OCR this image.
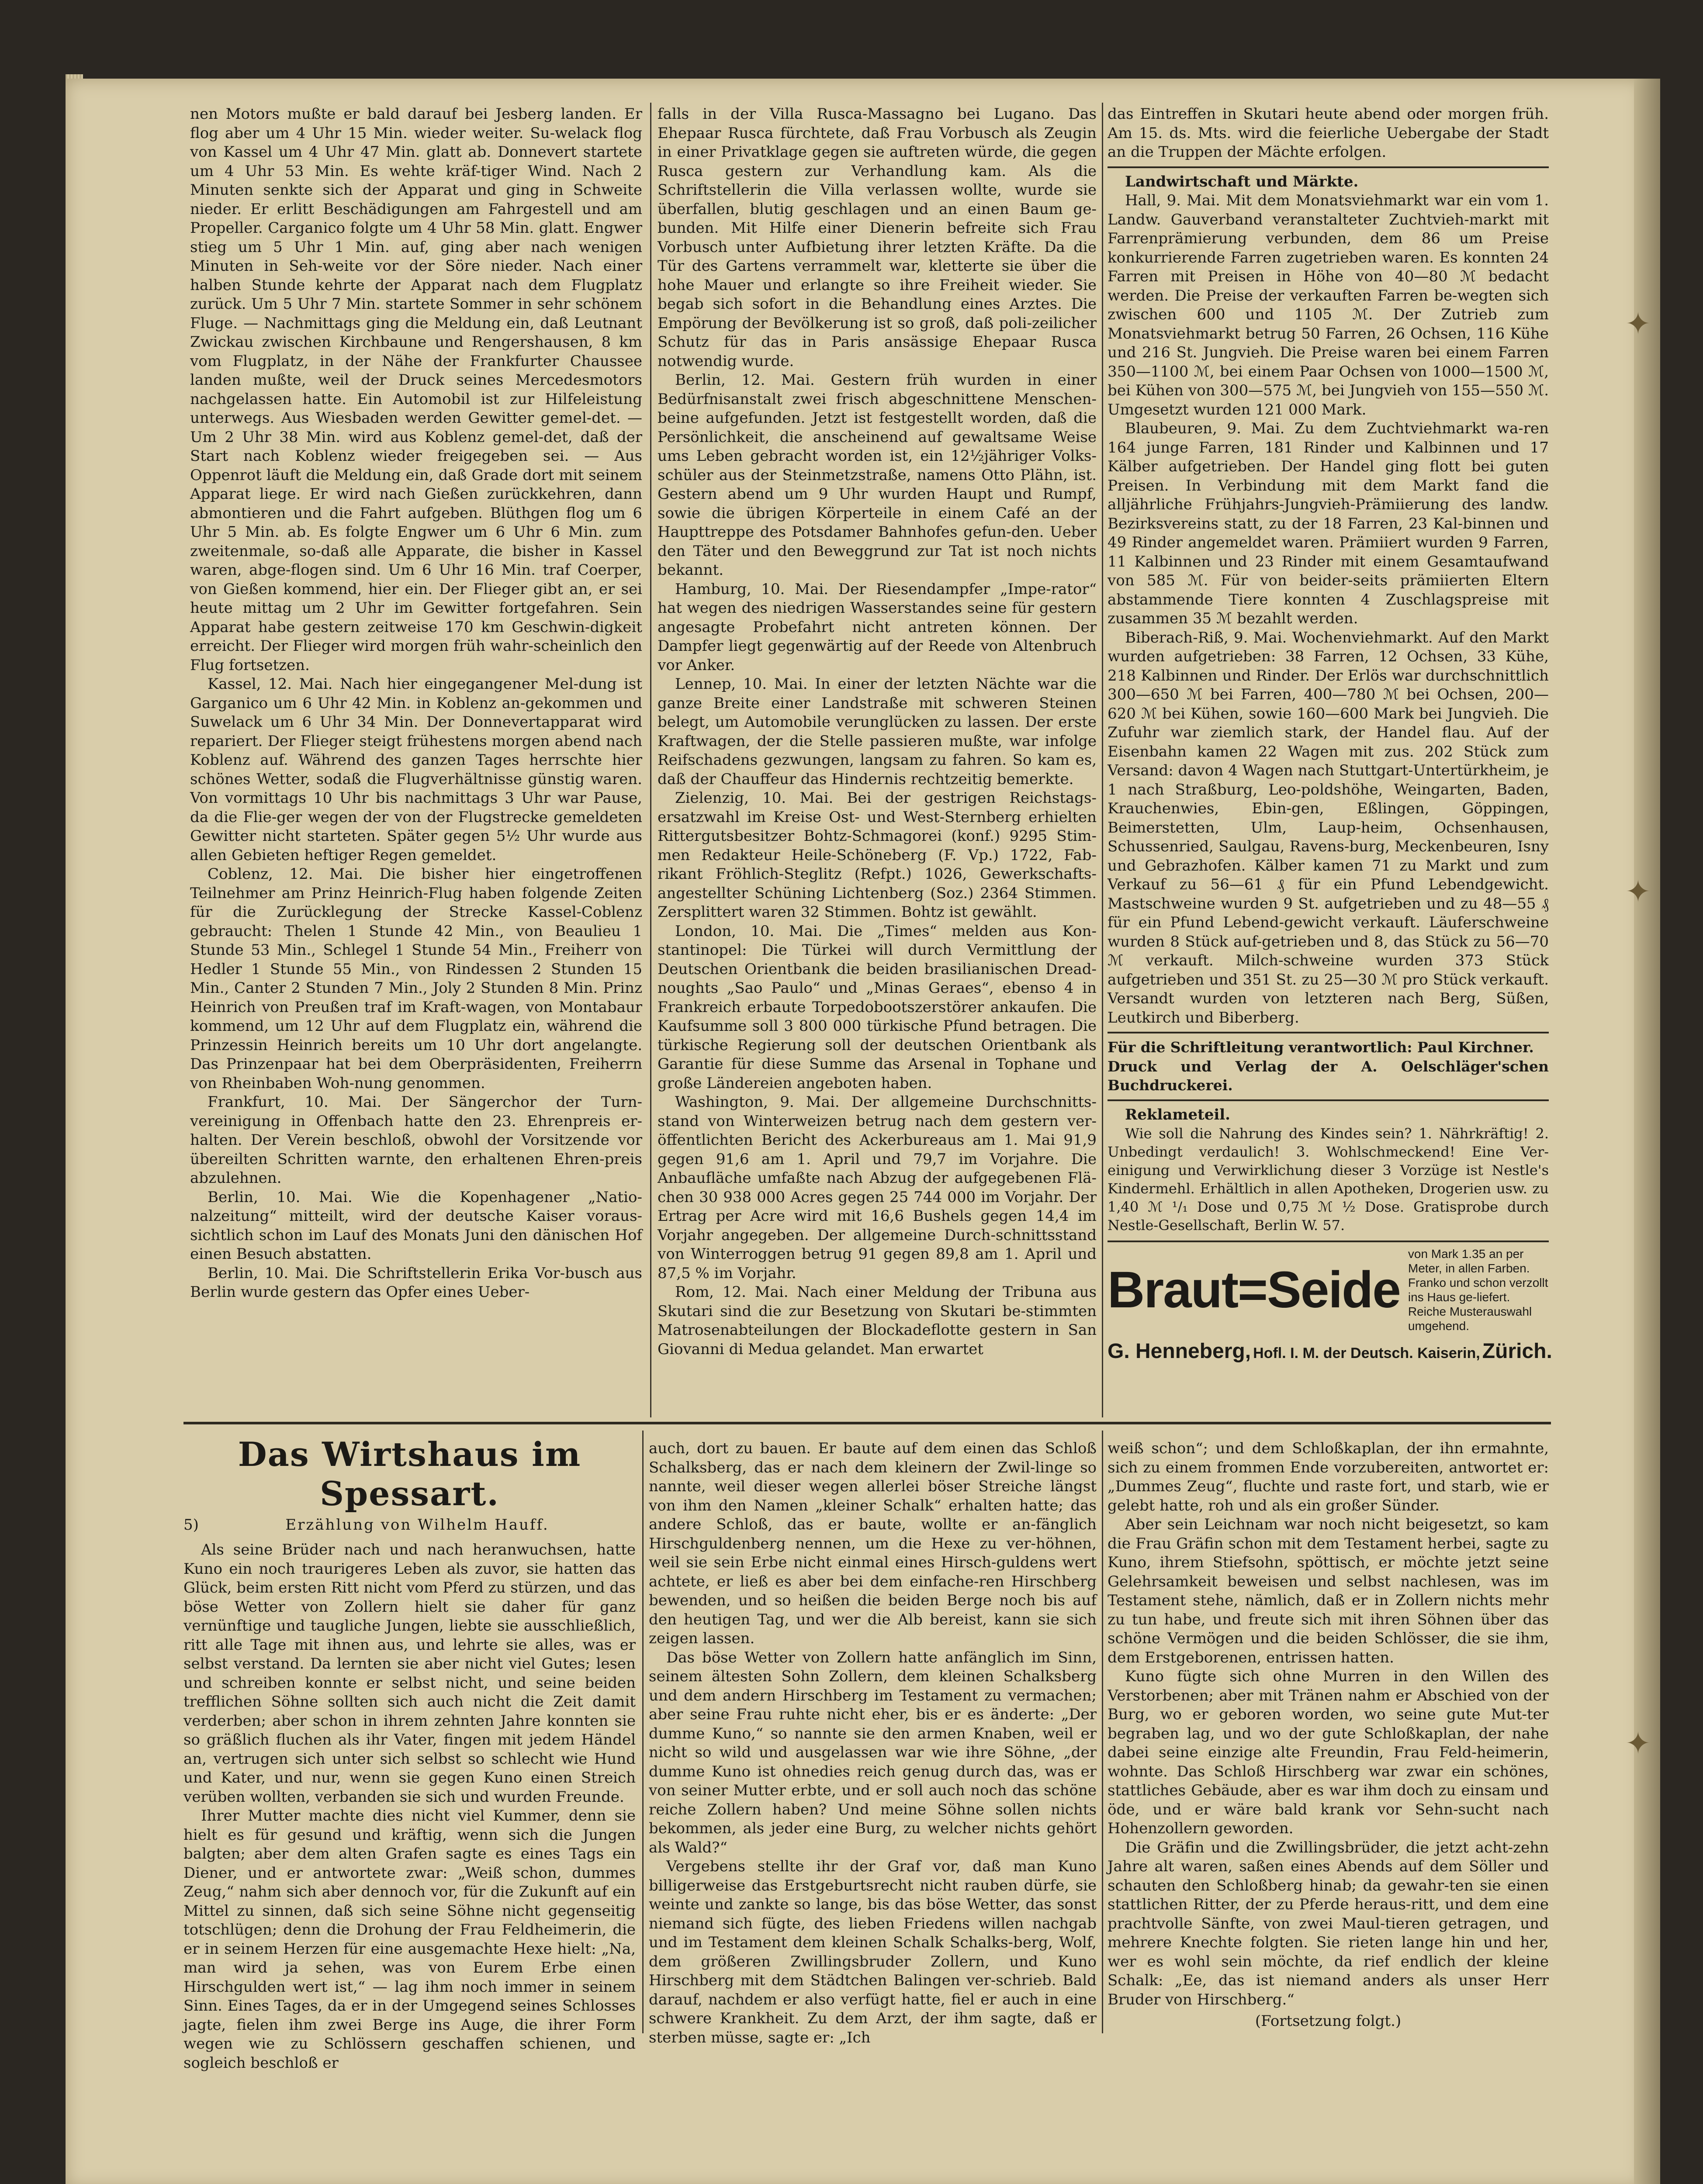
nen Motors mußte er bald darauf bei Jesberg landen. Er flog aber um 4 Uhr 15 Min. wieder weiter. Su-welack flog von Kassel um 4 Uhr 47 Min. glatt ab. Donnevert startete um 4 Uhr 53 Min. Es wehte kräf-tiger Wind. Nach 2 Minuten senkte sich der Apparat und ging in Schweite nieder. Er erlitt Beschädigungen am Fahrgestell und am Propeller. Carganico folgte um 4 Uhr 58 Min. glatt. Engwer stieg um 5 Uhr 1 Min. auf, ging aber nach wenigen Minuten in Seh-weite vor der Söre nieder. Nach einer halben Stunde kehrte der Apparat nach dem Flugplatz zurück. Um 5 Uhr 7 Min. startete Sommer in sehr schönem Fluge. — Nachmittags ging die Meldung ein, daß Leutnant Zwickau zwischen Kirchbaune und Rengershausen, 8 km vom Flugplatz, in der Nähe der Frankfurter Chaussee landen mußte, weil der Druck seines Mercedesmotors nachgelassen hatte. Ein Automobil ist zur Hilfeleistung unterwegs. Aus Wiesbaden werden Gewitter gemel-det. — Um 2 Uhr 38 Min. wird aus Koblenz gemel-det, daß der Start nach Koblenz wieder freigegeben sei. — Aus Oppenrot läuft die Meldung ein, daß Grade dort mit seinem Apparat liege. Er wird nach Gießen zurückkehren, dann abmontieren und die Fahrt aufgeben. Blüthgen flog um 6 Uhr 5 Min. ab. Es folgte Engwer um 6 Uhr 6 Min. zum zweitenmale, so-daß alle Apparate, die bisher in Kassel waren, abge-flogen sind. Um 6 Uhr 16 Min. traf Coerper, von Gießen kommend, hier ein. Der Flieger gibt an, er sei heute mittag um 2 Uhr im Gewitter fortgefahren. Sein Apparat habe gestern zeitweise 170 km Geschwin-digkeit erreicht. Der Flieger wird morgen früh wahr-scheinlich den Flug fortsetzen.

Kassel, 12. Mai. Nach hier eingegangener Mel-dung ist Garganico um 6 Uhr 42 Min. in Koblenz an-gekommen und Suwelack um 6 Uhr 34 Min. Der Donnevertapparat wird repariert. Der Flieger steigt frühestens morgen abend nach Koblenz auf. Während des ganzen Tages herrschte hier schönes Wetter, sodaß die Flugverhältnisse günstig waren. Von vormittags 10 Uhr bis nachmittags 3 Uhr war Pause, da die Flie-ger wegen der von der Flugstrecke gemeldeten Gewitter nicht starteten. Später gegen 5½ Uhr wurde aus allen Gebieten heftiger Regen gemeldet.

Coblenz, 12. Mai. Die bisher hier eingetroffenen Teilnehmer am Prinz Heinrich-Flug haben folgende Zeiten für die Zurücklegung der Strecke Kassel-Coblenz gebraucht: Thelen 1 Stunde 42 Min., von Beaulieu 1 Stunde 53 Min., Schlegel 1 Stunde 54 Min., Freiherr von Hedler 1 Stunde 55 Min., von Rindessen 2 Stunden 15 Min., Canter 2 Stunden 7 Min., Joly 2 Stunden 8 Min. Prinz Heinrich von Preußen traf im Kraft-wagen, von Montabaur kommend, um 12 Uhr auf dem Flugplatz ein, während die Prinzessin Heinrich bereits um 10 Uhr dort angelangte. Das Prinzenpaar hat bei dem Oberpräsidenten, Freiherrn von Rheinbaben Woh-nung genommen.

Frankfurt, 10. Mai. Der Sängerchor der Turn-vereinigung in Offenbach hatte den 23. Ehrenpreis er-halten. Der Verein beschloß, obwohl der Vorsitzende vor übereilten Schritten warnte, den erhaltenen Ehren-preis abzulehnen.

Berlin, 10. Mai. Wie die Kopenhagener „Natio-nalzeitung“ mitteilt, wird der deutsche Kaiser voraus-sichtlich schon im Lauf des Monats Juni den dänischen Hof einen Besuch abstatten.

Berlin, 10. Mai. Die Schriftstellerin Erika Vor-busch aus Berlin wurde gestern das Opfer eines Ueber-

falls in der Villa Rusca-Massagno bei Lugano. Das Ehepaar Rusca fürchtete, daß Frau Vorbusch als Zeugin in einer Privatklage gegen sie auftreten würde, die gegen Rusca gestern zur Verhandlung kam. Als die Schriftstellerin die Villa verlassen wollte, wurde sie überfallen, blutig geschlagen und an einen Baum ge-bunden. Mit Hilfe einer Dienerin befreite sich Frau Vorbusch unter Aufbietung ihrer letzten Kräfte. Da die Tür des Gartens verrammelt war, kletterte sie über die hohe Mauer und erlangte so ihre Freiheit wieder. Sie begab sich sofort in die Behandlung eines Arztes. Die Empörung der Bevölkerung ist so groß, daß poli-zeilicher Schutz für das in Paris ansässige Ehepaar Rusca notwendig wurde.

Berlin, 12. Mai. Gestern früh wurden in einer Bedürfnisanstalt zwei frisch abgeschnittene Menschen-beine aufgefunden. Jetzt ist festgestellt worden, daß die Persönlichkeit, die anscheinend auf gewaltsame Weise ums Leben gebracht worden ist, ein 12½jähriger Volks-schüler aus der Steinmetzstraße, namens Otto Plähn, ist. Gestern abend um 9 Uhr wurden Haupt und Rumpf, sowie die übrigen Körperteile in einem Café an der Haupttreppe des Potsdamer Bahnhofes gefun-den. Ueber den Täter und den Beweggrund zur Tat ist noch nichts bekannt.

Hamburg, 10. Mai. Der Riesendampfer „Impe-rator“ hat wegen des niedrigen Wasserstandes seine für gestern angesagte Probefahrt nicht antreten können. Der Dampfer liegt gegenwärtig auf der Reede von Altenbruch vor Anker.

Lennep, 10. Mai. In einer der letzten Nächte war die ganze Breite einer Landstraße mit schweren Steinen belegt, um Automobile verunglücken zu lassen. Der erste Kraftwagen, der die Stelle passieren mußte, war infolge Reifschadens gezwungen, langsam zu fahren. So kam es, daß der Chauffeur das Hindernis rechtzeitig bemerkte.

Zielenzig, 10. Mai. Bei der gestrigen Reichstags-ersatzwahl im Kreise Ost- und West-Sternberg erhielten Rittergutsbesitzer Bohtz-Schmagorei (konf.) 9295 Stim-men Redakteur Heile-Schöneberg (F. Vp.) 1722, Fab-rikant Fröhlich-Steglitz (Refpt.) 1026, Gewerkschafts-angestellter Schüning Lichtenberg (Soz.) 2364 Stimmen. Zersplittert waren 32 Stimmen. Bohtz ist gewählt.

London, 10. Mai. Die „Times“ melden aus Kon-stantinopel: Die Türkei will durch Vermittlung der Deutschen Orientbank die beiden brasilianischen Dread-noughts „Sao Paulo“ und „Minas Geraes“, ebenso 4 in Frankreich erbaute Torpedobootszerstörer ankaufen. Die Kaufsumme soll 3 800 000 türkische Pfund betragen. Die türkische Regierung soll der deutschen Orientbank als Garantie für diese Summe das Arsenal in Tophane und große Ländereien angeboten haben.

Washington, 9. Mai. Der allgemeine Durchschnitts-stand von Winterweizen betrug nach dem gestern ver-öffentlichten Bericht des Ackerbureaus am 1. Mai 91,9 gegen 91,6 am 1. April und 79,7 im Vorjahre. Die Anbaufläche umfaßte nach Abzug der aufgegebenen Flä-chen 30 938 000 Acres gegen 25 744 000 im Vorjahr. Der Ertrag per Acre wird mit 16,6 Bushels gegen 14,4 im Vorjahr angegeben. Der allgemeine Durch-schnittsstand von Winterroggen betrug 91 gegen 89,8 am 1. April und 87,5 % im Vorjahr.

Rom, 12. Mai. Nach einer Meldung der Tribuna aus Skutari sind die zur Besetzung von Skutari be-stimmten Matrosenabteilungen der Blockadeflotte gestern in San Giovanni di Medua gelandet. Man erwartet

das Eintreffen in Skutari heute abend oder morgen früh. Am 15. ds. Mts. wird die feierliche Uebergabe der Stadt an die Truppen der Mächte erfolgen.

Landwirtschaft und Märkte.

Hall, 9. Mai. Mit dem Monatsviehmarkt war ein vom 1. Landw. Gauverband veranstalteter Zuchtvieh-markt mit Farrenprämierung verbunden, dem 86 um Preise konkurrierende Farren zugetrieben waren. Es konnten 24 Farren mit Preisen in Höhe von 40—80 ℳ bedacht werden. Die Preise der verkauften Farren be-wegten sich zwischen 600 und 1105 ℳ. Der Zutrieb zum Monatsviehmarkt betrug 50 Farren, 26 Ochsen, 116 Kühe und 216 St. Jungvieh. Die Preise waren bei einem Farren 350—1100 ℳ, bei einem Paar Ochsen von 1000—1500 ℳ, bei Kühen von 300—575 ℳ, bei Jungvieh von 155—550 ℳ. Umgesetzt wurden 121 000 Mark.

Blaubeuren, 9. Mai. Zu dem Zuchtviehmarkt wa-ren 164 junge Farren, 181 Rinder und Kalbinnen und 17 Kälber aufgetrieben. Der Handel ging flott bei guten Preisen. In Verbindung mit dem Markt fand die alljährliche Frühjahrs-Jungvieh-Prämiierung des landw. Bezirksvereins statt, zu der 18 Farren, 23 Kal-binnen und 49 Rinder angemeldet waren. Prämiiert wurden 9 Farren, 11 Kalbinnen und 23 Rinder mit einem Gesamtaufwand von 585 ℳ. Für von beider-seits prämiierten Eltern abstammende Tiere konnten 4 Zuschlagspreise mit zusammen 35 ℳ bezahlt werden.

Biberach-Riß, 9. Mai. Wochenviehmarkt. Auf den Markt wurden aufgetrieben: 38 Farren, 12 Ochsen, 33 Kühe, 218 Kalbinnen und Rinder. Der Erlös war durchschnittlich 300—650 ℳ bei Farren, 400—780 ℳ bei Ochsen, 200—620 ℳ bei Kühen, sowie 160—600 Mark bei Jungvieh. Die Zufuhr war ziemlich stark, der Handel flau. Auf der Eisenbahn kamen 22 Wagen mit zus. 202 Stück zum Versand: davon 4 Wagen nach Stuttgart-Untertürkheim, je 1 nach Straßburg, Leo-poldshöhe, Weingarten, Baden, Krauchenwies, Ebin-gen, Eßlingen, Göppingen, Beimerstetten, Ulm, Laup-heim, Ochsenhausen, Schussenried, Saulgau, Ravens-burg, Meckenbeuren, Isny und Gebrazhofen. Kälber kamen 71 zu Markt und zum Verkauf zu 56—61 ₰ für ein Pfund Lebendgewicht. Mastschweine wurden 9 St. aufgetrieben und zu 48—55 ₰ für ein Pfund Lebend-gewicht verkauft. Läuferschweine wurden 8 Stück auf-getrieben und 8, das Stück zu 56—70 ℳ verkauft. Milch-schweine wurden 373 Stück aufgetrieben und 351 St. zu 25—30 ℳ pro Stück verkauft. Versandt wurden von letzteren nach Berg, Süßen, Leutkirch und Biberberg.

Für die Schriftleitung verantwortlich: Paul Kirchner.

Druck und Verlag der A. Oelschläger'schen Buchdruckerei.

Reklameteil.

Wie soll die Nahrung des Kindes sein? 1. Nährkräftig! 2. Unbedingt verdaulich! 3. Wohlschmeckend! Eine Ver-einigung und Verwirklichung dieser 3 Vorzüge ist Nestle's Kindermehl. Erhältlich in allen Apotheken, Drogerien usw. zu 1,40 ℳ ¹/₁ Dose und 0,75 ℳ ½ Dose. Gratisprobe durch Nestle-Gesellschaft, Berlin W. 57.

Braut=Seide
von Mark 1.35 an per Meter, in allen Farben. Franko und schon verzollt ins Haus ge-liefert. Reiche Musterauswahl umgehend.
G. Henneberg, Hofl. I. M. der Deutsch. Kaiserin, Zürich.
Das Wirtshaus im Spessart.
5)	Erzählung von Wilhelm Hauff.

Als seine Brüder nach und nach heranwuchsen, hatte Kuno ein noch traurigeres Leben als zuvor, sie hatten das Glück, beim ersten Ritt nicht vom Pferd zu stürzen, und das böse Wetter von Zollern hielt sie daher für ganz vernünftige und taugliche Jungen, liebte sie ausschließlich, ritt alle Tage mit ihnen aus, und lehrte sie alles, was er selbst verstand. Da lernten sie aber nicht viel Gutes; lesen und schreiben konnte er selbst nicht, und seine beiden trefflichen Söhne sollten sich auch nicht die Zeit damit verderben; aber schon in ihrem zehnten Jahre konnten sie so gräßlich fluchen als ihr Vater, fingen mit jedem Händel an, vertrugen sich unter sich selbst so schlecht wie Hund und Kater, und nur, wenn sie gegen Kuno einen Streich verüben wollten, verbanden sie sich und wurden Freunde.

Ihrer Mutter machte dies nicht viel Kummer, denn sie hielt es für gesund und kräftig, wenn sich die Jungen balgten; aber dem alten Grafen sagte es eines Tags ein Diener, und er antwortete zwar: „Weiß schon, dummes Zeug,“ nahm sich aber dennoch vor, für die Zukunft auf ein Mittel zu sinnen, daß sich seine Söhne nicht gegenseitig totschlügen; denn die Drohung der Frau Feldheimerin, die er in seinem Herzen für eine ausgemachte Hexe hielt: „Na, man wird ja sehen, was von Eurem Erbe einen Hirschgulden wert ist,“ — lag ihm noch immer in seinem Sinn. Eines Tages, da er in der Umgegend seines Schlosses jagte, fielen ihm zwei Berge ins Auge, die ihrer Form wegen wie zu Schlössern geschaffen schienen, und sogleich beschloß er

auch, dort zu bauen. Er baute auf dem einen das Schloß Schalksberg, das er nach dem kleinern der Zwil-linge so nannte, weil dieser wegen allerlei böser Streiche längst von ihm den Namen „kleiner Schalk“ erhalten hatte; das andere Schloß, das er baute, wollte er an-fänglich Hirschguldenberg nennen, um die Hexe zu ver-höhnen, weil sie sein Erbe nicht einmal eines Hirsch-guldens wert achtete, er ließ es aber bei dem einfache-ren Hirschberg bewenden, und so heißen die beiden Berge noch bis auf den heutigen Tag, und wer die Alb bereist, kann sie sich zeigen lassen.

Das böse Wetter von Zollern hatte anfänglich im Sinn, seinem ältesten Sohn Zollern, dem kleinen Schalksberg und dem andern Hirschberg im Testament zu vermachen; aber seine Frau ruhte nicht eher, bis er es änderte: „Der dumme Kuno,“ so nannte sie den armen Knaben, weil er nicht so wild und ausgelassen war wie ihre Söhne, „der dumme Kuno ist ohnedies reich genug durch das, was er von seiner Mutter erbte, und er soll auch noch das schöne reiche Zollern haben? Und meine Söhne sollen nichts bekommen, als jeder eine Burg, zu welcher nichts gehört als Wald?“

Vergebens stellte ihr der Graf vor, daß man Kuno billigerweise das Erstgeburtsrecht nicht rauben dürfe, sie weinte und zankte so lange, bis das böse Wetter, das sonst niemand sich fügte, des lieben Friedens willen nachgab und im Testament dem kleinen Schalk Schalks-berg, Wolf, dem größeren Zwillingsbruder Zollern, und Kuno Hirschberg mit dem Städtchen Balingen ver-schrieb. Bald darauf, nachdem er also verfügt hatte, fiel er auch in eine schwere Krankheit. Zu dem Arzt, der ihm sagte, daß er sterben müsse, sagte er: „Ich

weiß schon“; und dem Schloßkaplan, der ihn ermahnte, sich zu einem frommen Ende vorzubereiten, antwortet er: „Dummes Zeug“, fluchte und raste fort, und starb, wie er gelebt hatte, roh und als ein großer Sünder.

Aber sein Leichnam war noch nicht beigesetzt, so kam die Frau Gräfin schon mit dem Testament herbei, sagte zu Kuno, ihrem Stiefsohn, spöttisch, er möchte jetzt seine Gelehrsamkeit beweisen und selbst nachlesen, was im Testament stehe, nämlich, daß er in Zollern nichts mehr zu tun habe, und freute sich mit ihren Söhnen über das schöne Vermögen und die beiden Schlösser, die sie ihm, dem Erstgeborenen, entrissen hatten.

Kuno fügte sich ohne Murren in den Willen des Verstorbenen; aber mit Tränen nahm er Abschied von der Burg, wo er geboren worden, wo seine gute Mut-ter begraben lag, und wo der gute Schloßkaplan, der nahe dabei seine einzige alte Freundin, Frau Feld-heimerin, wohnte. Das Schloß Hirschberg war zwar ein schönes, stattliches Gebäude, aber es war ihm doch zu einsam und öde, und er wäre bald krank vor Sehn-sucht nach Hohenzollern geworden.

Die Gräfin und die Zwillingsbrüder, die jetzt acht-zehn Jahre alt waren, saßen eines Abends auf dem Söller und schauten den Schloßberg hinab; da gewahr-ten sie einen stattlichen Ritter, der zu Pferde heraus-ritt, und dem eine prachtvolle Sänfte, von zwei Maul-tieren getragen, und mehrere Knechte folgten. Sie rieten lange hin und her, wer es wohl sein möchte, da rief endlich der kleine Schalk: „Ee, das ist niemand anders als unser Herr Bruder von Hirschberg.“

(Fortsetzung folgt.)

✦
✦
✦
